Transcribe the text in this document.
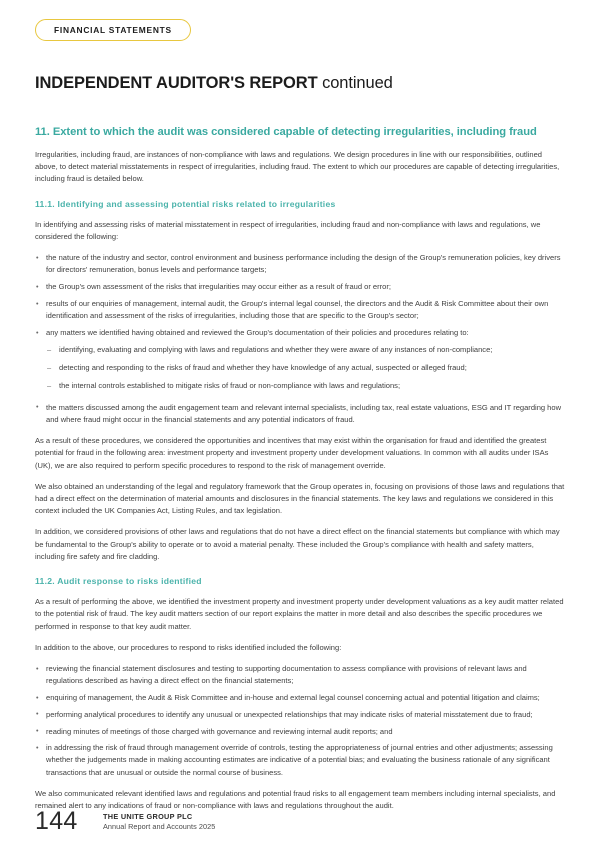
FINANCIAL STATEMENTS
INDEPENDENT AUDITOR'S REPORT continued
11. Extent to which the audit was considered capable of detecting irregularities, including fraud

Irregularities, including fraud, are instances of non-compliance with laws and regulations. We design procedures in line with our responsibilities, outlined above, to detect material misstatements in respect of irregularities, including fraud. The extent to which our procedures are capable of detecting irregularities, including fraud is detailed below.

11.1. Identifying and assessing potential risks related to irregularities

In identifying and assessing risks of material misstatement in respect of irregularities, including fraud and non-compliance with laws and regulations, we considered the following:

• the nature of the industry and sector, control environment and business performance including the design of the Group's remuneration policies, key drivers for directors' remuneration, bonus levels and performance targets;
• the Group's own assessment of the risks that irregularities may occur either as a result of fraud or error;
• results of our enquiries of management, internal audit, the Group's internal legal counsel, the directors and the Audit & Risk Committee about their own identification and assessment of the risks of irregularities, including those that are specific to the Group's sector;
• any matters we identified having obtained and reviewed the Group's documentation of their policies and procedures relating to:
– identifying, evaluating and complying with laws and regulations and whether they were aware of any instances of non-compliance;
– detecting and responding to the risks of fraud and whether they have knowledge of any actual, suspected or alleged fraud;
– the internal controls established to mitigate risks of fraud or non-compliance with laws and regulations;
• the matters discussed among the audit engagement team and relevant internal specialists, including tax, real estate valuations, ESG and IT regarding how and where fraud might occur in the financial statements and any potential indicators of fraud.

As a result of these procedures, we considered the opportunities and incentives that may exist within the organisation for fraud and identified the greatest potential for fraud in the following area: investment property and investment property under development valuations. In common with all audits under ISAs (UK), we are also required to perform specific procedures to respond to the risk of management override.

We also obtained an understanding of the legal and regulatory framework that the Group operates in, focusing on provisions of those laws and regulations that had a direct effect on the determination of material amounts and disclosures in the financial statements. The key laws and regulations we considered in this context included the UK Companies Act, Listing Rules, and tax legislation.

In addition, we considered provisions of other laws and regulations that do not have a direct effect on the financial statements but compliance with which may be fundamental to the Group's ability to operate or to avoid a material penalty. These included the Group's compliance with health and safety matters, including fire safety and fire cladding.

11.2. Audit response to risks identified

As a result of performing the above, we identified the investment property and investment property under development valuations as a key audit matter related to the potential risk of fraud. The key audit matters section of our report explains the matter in more detail and also describes the specific procedures we performed in response to that key audit matter.

In addition to the above, our procedures to respond to risks identified included the following:

• reviewing the financial statement disclosures and testing to supporting documentation to assess compliance with provisions of relevant laws and regulations described as having a direct effect on the financial statements;
• enquiring of management, the Audit & Risk Committee and in-house and external legal counsel concerning actual and potential litigation and claims;
• performing analytical procedures to identify any unusual or unexpected relationships that may indicate risks of material misstatement due to fraud;
• reading minutes of meetings of those charged with governance and reviewing internal audit reports; and
• in addressing the risk of fraud through management override of controls, testing the appropriateness of journal entries and other adjustments; assessing whether the judgements made in making accounting estimates are indicative of a potential bias; and evaluating the business rationale of any significant transactions that are unusual or outside the normal course of business.

We also communicated relevant identified laws and regulations and potential fraud risks to all engagement team members including internal specialists, and remained alert to any indications of fraud or non-compliance with laws and regulations throughout the audit.

144	THE UNITE GROUP PLC
Annual Report and Accounts 2025
